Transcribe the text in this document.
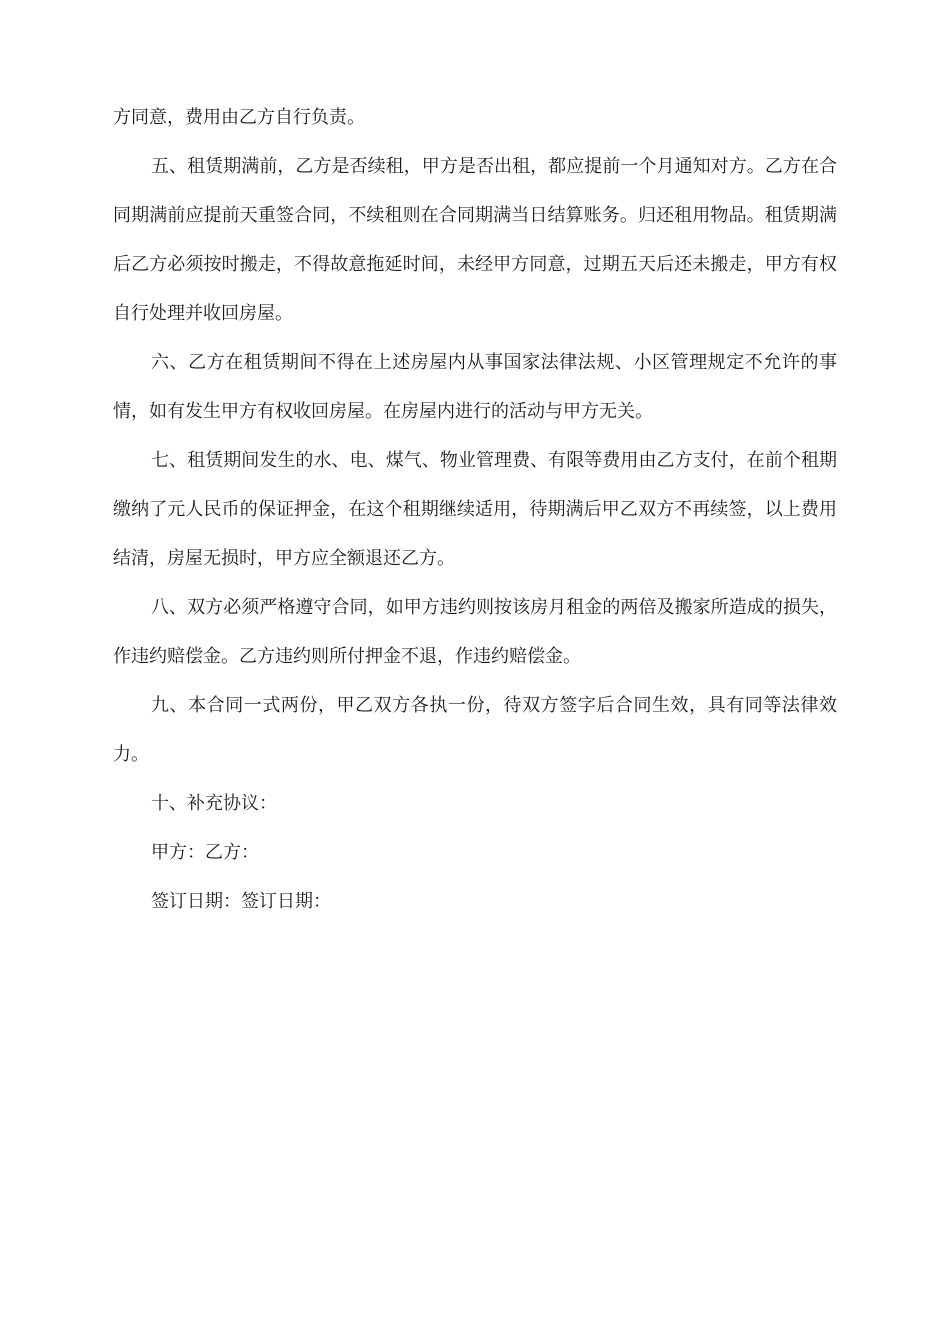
方同意，费用由乙方自行负责。

五、租赁期满前，乙方是否续租，甲方是否出租，都应提前一个月通知对方。乙方在合同期满前应提前天重签合同，不续租则在合同期满当日结算账务。归还租用物品。租赁期满后乙方必须按时搬走，不得故意拖延时间，未经甲方同意，过期五天后还未搬走，甲方有权自行处理并收回房屋。

六、乙方在租赁期间不得在上述房屋内从事国家法律法规、小区管理规定不允许的事情，如有发生甲方有权收回房屋。在房屋内进行的活动与甲方无关。

七、租赁期间发生的水、电、煤气、物业管理费、有限等费用由乙方支付，在前个租期缴纳了元人民币的保证押金，在这个租期继续适用，待期满后甲乙双方不再续签，以上费用结清，房屋无损时，甲方应全额退还乙方。

八、双方必须严格遵守合同，如甲方违约则按该房月租金的两倍及搬家所造成的损失，作违约赔偿金。乙方违约则所付押金不退，作违约赔偿金。

九、本合同一式两份，甲乙双方各执一份，待双方签字后合同生效，具有同等法律效力。

十、补充协议：

甲方：乙方：

签订日期：签订日期：
